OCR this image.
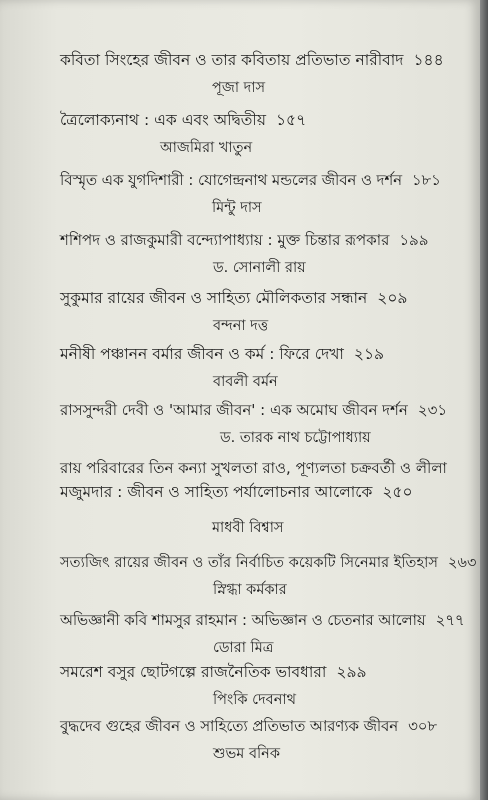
কবিতা সিংহের জীবন ও তার কবিতায় প্রতিভাত নারীবাদ ১৪৪
পূজা দাস
ত্রৈলোক্যনাথ : এক এবং অদ্বিতীয় ১৫৭
আজমিরা খাতুন
বিস্মৃত এক যুগদিশারী : যোগেন্দ্রনাথ মন্ডলের জীবন ও দর্শন ১৮১
মিন্টু দাস
শশিপদ ও রাজকুমারী বন্দ্যোপাধ্যায় : মুক্ত চিন্তার রূপকার ১৯৯
ড. সোনালী রায়
সুকুমার রায়ের জীবন ও সাহিত্য মৌলিকতার সন্ধান ২০৯
বন্দনা দত্ত
মনীষী পঞ্চানন বর্মার জীবন ও কর্ম : ফিরে দেখা ২১৯
বাবলী বর্মন
রাসসুন্দরী দেবী ও 'আমার জীবন' : এক অমোঘ জীবন দর্শন ২৩১
ড. তারক নাথ চট্টোপাধ্যায়
রায় পরিবারের তিন কন্যা সুখলতা রাও, পূণ্যলতা চক্রবর্তী ও লীলা
মজুমদার : জীবন ও সাহিত্য পর্যালোচনার আলোকে ২৫০
মাধবী বিশ্বাস
সত্যজিৎ রায়ের জীবন ও তাঁর নির্বাচিত কয়েকটি সিনেমার ইতিহাস ২৬৩
স্নিগ্ধা কর্মকার
অভিজ্ঞানী কবি শামসুর রাহমান : অভিজ্ঞান ও চেতনার আলোয় ২৭৭
ডোরা মিত্র
সমরেশ বসুর ছোটগল্পে রাজনৈতিক ভাবধারা ২৯৯
পিংকি দেবনাথ
বুদ্ধদেব গুহের জীবন ও সাহিত্যে প্রতিভাত আরণ্যক জীবন ৩০৮
শুভম বনিক
